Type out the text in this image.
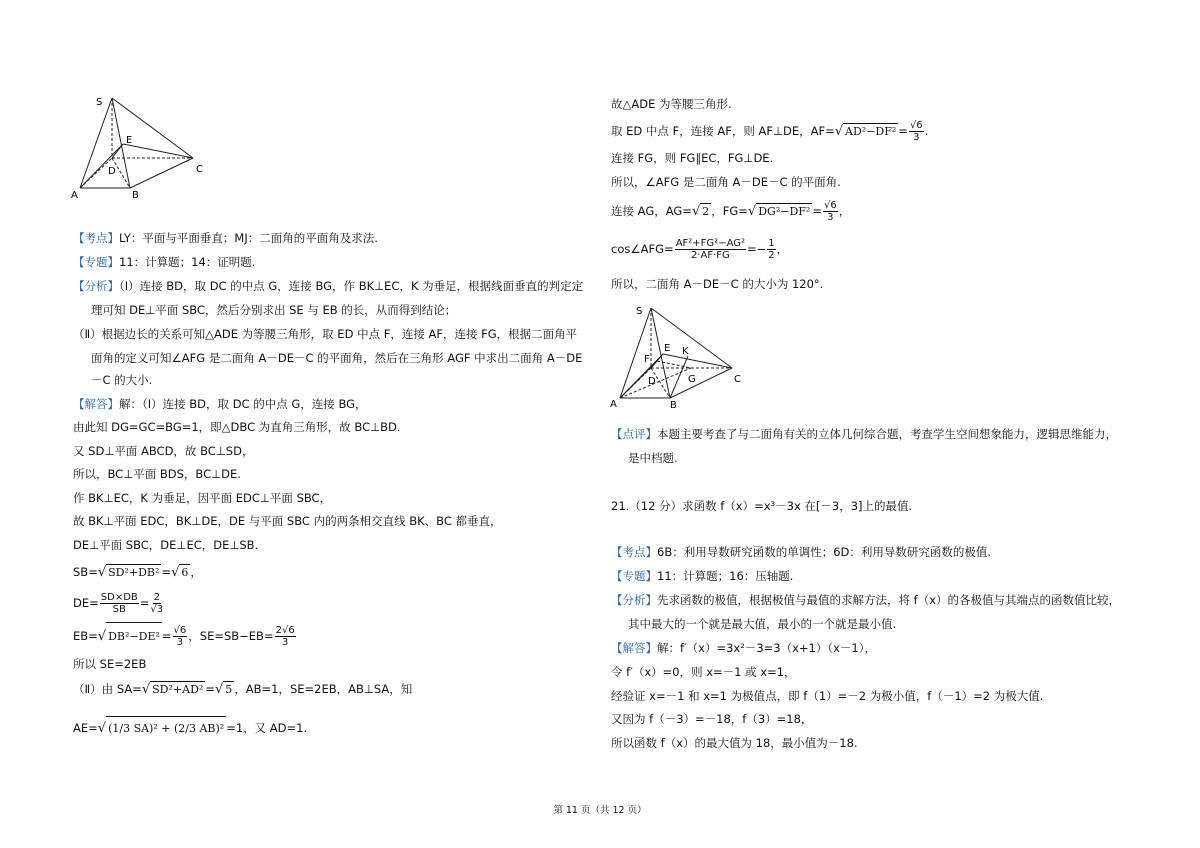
S
E
D	C
A	B
【考点】LY：平面与平面垂直；MJ：二面角的平面角及求法.
【专题】11：计算题；14：证明题.
【分析】（Ⅰ）连接 BD，取 DC 的中点 G，连接 BG，作 BK⊥EC，K 为垂足，根据线面垂直的判定定
理可知 DE⊥平面 SBC，然后分别求出 SE 与 EB 的长，从而得到结论；
（Ⅱ）根据边长的关系可知△ADE 为等腰三角形，取 ED 中点 F，连接 AF，连接 FG，根据二面角平
面角的定义可知∠AFG 是二面角 A－DE－C 的平面角，然后在三角形 AGF 中求出二面角 A－DE
－C 的大小.
【解答】解：（Ⅰ）连接 BD，取 DC 的中点 G，连接 BG，
由此知 DG=GC=BG=1，即△DBC 为直角三角形，故 BC⊥BD.
又 SD⊥平面 ABCD，故 BC⊥SD，
所以，BC⊥平面 BDS，BC⊥DE.
作 BK⊥EC，K 为垂足，因平面 EDC⊥平面 SBC，
故 BK⊥平面 EDC，BK⊥DE，DE 与平面 SBC 内的两条相交直线 BK、BC 都垂直，
DE⊥平面 SBC，DE⊥EC，DE⊥SB.
SB=√ SD²+DB² =√ 6 ，
$DE= \frac{SD\times DB}{SB} = \frac{2}{√3}$
EB=√ $DB^2-DE^2 = \frac{√6}{3}$ ，$SE=SB-EB= \frac{2√6}{3}$
所以 SE=2EB
（Ⅱ）由 SA=√ SD²+AD² =√ 5 ，AB=1，SE=2EB，AB⊥SA，知
AE=√ (1/3 SA)² + (2/3 AB)² =1，又 AD=1.
故△ADE 为等腰三角形.
取 ED 中点 F，连接 AF，则 AF⊥DE，AF=√ $AD^2-DF^2 = \frac{√6}{3}$ .
连接 FG，则 FG∥EC，FG⊥DE.
所以，∠AFG 是二面角 A－DE－C 的平面角.
连接 AG，AG=√ 2 ，FG=√ $DG^2-DF^2 = \frac{√6}{3}$ ，
cos∠AFG= $\frac{\text{AF²+FG²−AG²}}{2\cdot AF\cdot FG} =- \frac{1}{2}$ ，
所以，二面角 A－DE－C 的大小为 120°.
S
E K
F
D	G	C
A	B
【点评】本题主要考查了与二面角有关的立体几何综合题，考查学生空间想象能力，逻辑思维能力，
是中档题.
21.（12 分）求函数 f（x）=x³－3x 在[－3，3]上的最值.
【考点】6B：利用导数研究函数的单调性；6D：利用导数研究函数的极值.
【专题】11：计算题；16：压轴题.
【分析】先求函数的极值，根据极值与最值的求解方法，将 f（x）的各极值与其端点的函数值比较，
其中最大的一个就是最大值，最小的一个就是最小值.
【解答】解：f′（x）=3x²－3=3（x+1）（x－1），
令 f′（x）=0，则 x=－1 或 x=1，
经验证 x=－1 和 x=1 为极值点，即 f（1）=－2 为极小值，f（－1）=2 为极大值.
又因为 f（－3）=－18，f（3）=18，
所以函数 f（x）的最大值为 18，最小值为－18.
第 11 页（共 12 页）
